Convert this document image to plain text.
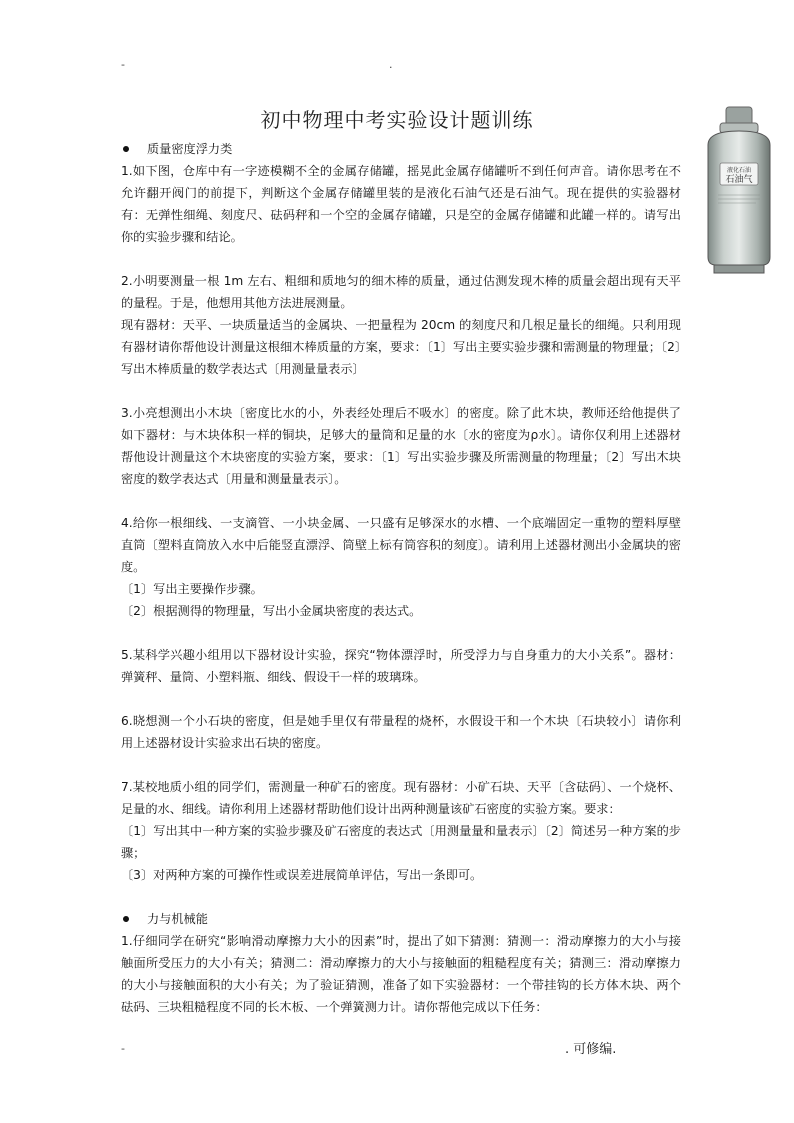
-	.
初中物理中考实验设计题训练
液化石油
石油气
质量密度浮力类

1.如下图，仓库中有一字迹模糊不全的金属存储罐，摇晃此金属存储罐听不到任何声音。请你思考在不允许翻开阀门的前提下，判断这个金属存储罐里装的是液化石油气还是石油气。现在提供的实验器材有：无弹性细绳、刻度尺、砝码秤和一个空的金属存储罐，只是空的金属存储罐和此罐一样的。请写出你的实验步骤和结论。

2.小明要测量一根 1m 左右、粗细和质地匀的细木棒的质量，通过估测发现木棒的质量会超出现有天平的量程。于是，他想用其他方法进展测量。

现有器材：天平、一块质量适当的金属块、一把量程为 20cm 的刻度尺和几根足量长的细绳。只利用现有器材请你帮他设计测量这根细木棒质量的方案，要求：〔1〕写出主要实验步骤和需测量的物理量；〔2〕写出木棒质量的数学表达式〔用测量量表示〕

3.小亮想测出小木块〔密度比水的小，外表经处理后不吸水〕的密度。除了此木块，教师还给他提供了如下器材：与木块体积一样的铜块，足够大的量筒和足量的水〔水的密度为ρ水〕。请你仅利用上述器材帮他设计测量这个木块密度的实验方案，要求：〔1〕写出实验步骤及所需测量的物理量；〔2〕写出木块密度的数学表达式〔用量和测量量表示〕。

4.给你一根细线、一支滴管、一小块金属、一只盛有足够深水的水槽、一个底端固定一重物的塑料厚壁直筒〔塑料直筒放入水中后能竖直漂浮、筒壁上标有筒容积的刻度〕。请利用上述器材测出小金属块的密度。

〔1〕写出主要操作步骤。

〔2〕根据测得的物理量，写出小金属块密度的表达式。

5.某科学兴趣小组用以下器材设计实验，探究“物体漂浮时，所受浮力与自身重力的大小关系”。器材：弹簧秤、量筒、小塑料瓶、细线、假设干一样的玻璃珠。

6.晓想测一个小石块的密度，但是她手里仅有带量程的烧杯，水假设干和一个木块〔石块较小〕请你利用上述器材设计实验求出石块的密度。

7.某校地质小组的同学们，需测量一种矿石的密度。现有器材：小矿石块、天平〔含砝码〕、一个烧杯、足量的水、细线。请你利用上述器材帮助他们设计出两种测量该矿石密度的实验方案。要求：

〔1〕写出其中一种方案的实验步骤及矿石密度的表达式〔用测量量和量表示〕〔2〕简述另一种方案的步骤；

〔3〕对两种方案的可操作性或误差进展简单评估，写出一条即可。

力与机械能

1.仔细同学在研究“影响滑动摩擦力大小的因素”时，提出了如下猜测：猜测一：滑动摩擦力的大小与接触面所受压力的大小有关；猜测二：滑动摩擦力的大小与接触面的粗糙程度有关；猜测三：滑动摩擦力的大小与接触面积的大小有关；为了验证猜测，准备了如下实验器材：一个带挂钩的长方体木块、两个砝码、三块粗糙程度不同的长木板、一个弹簧测力计。请你帮他完成以下任务：

-	. 可修编.
